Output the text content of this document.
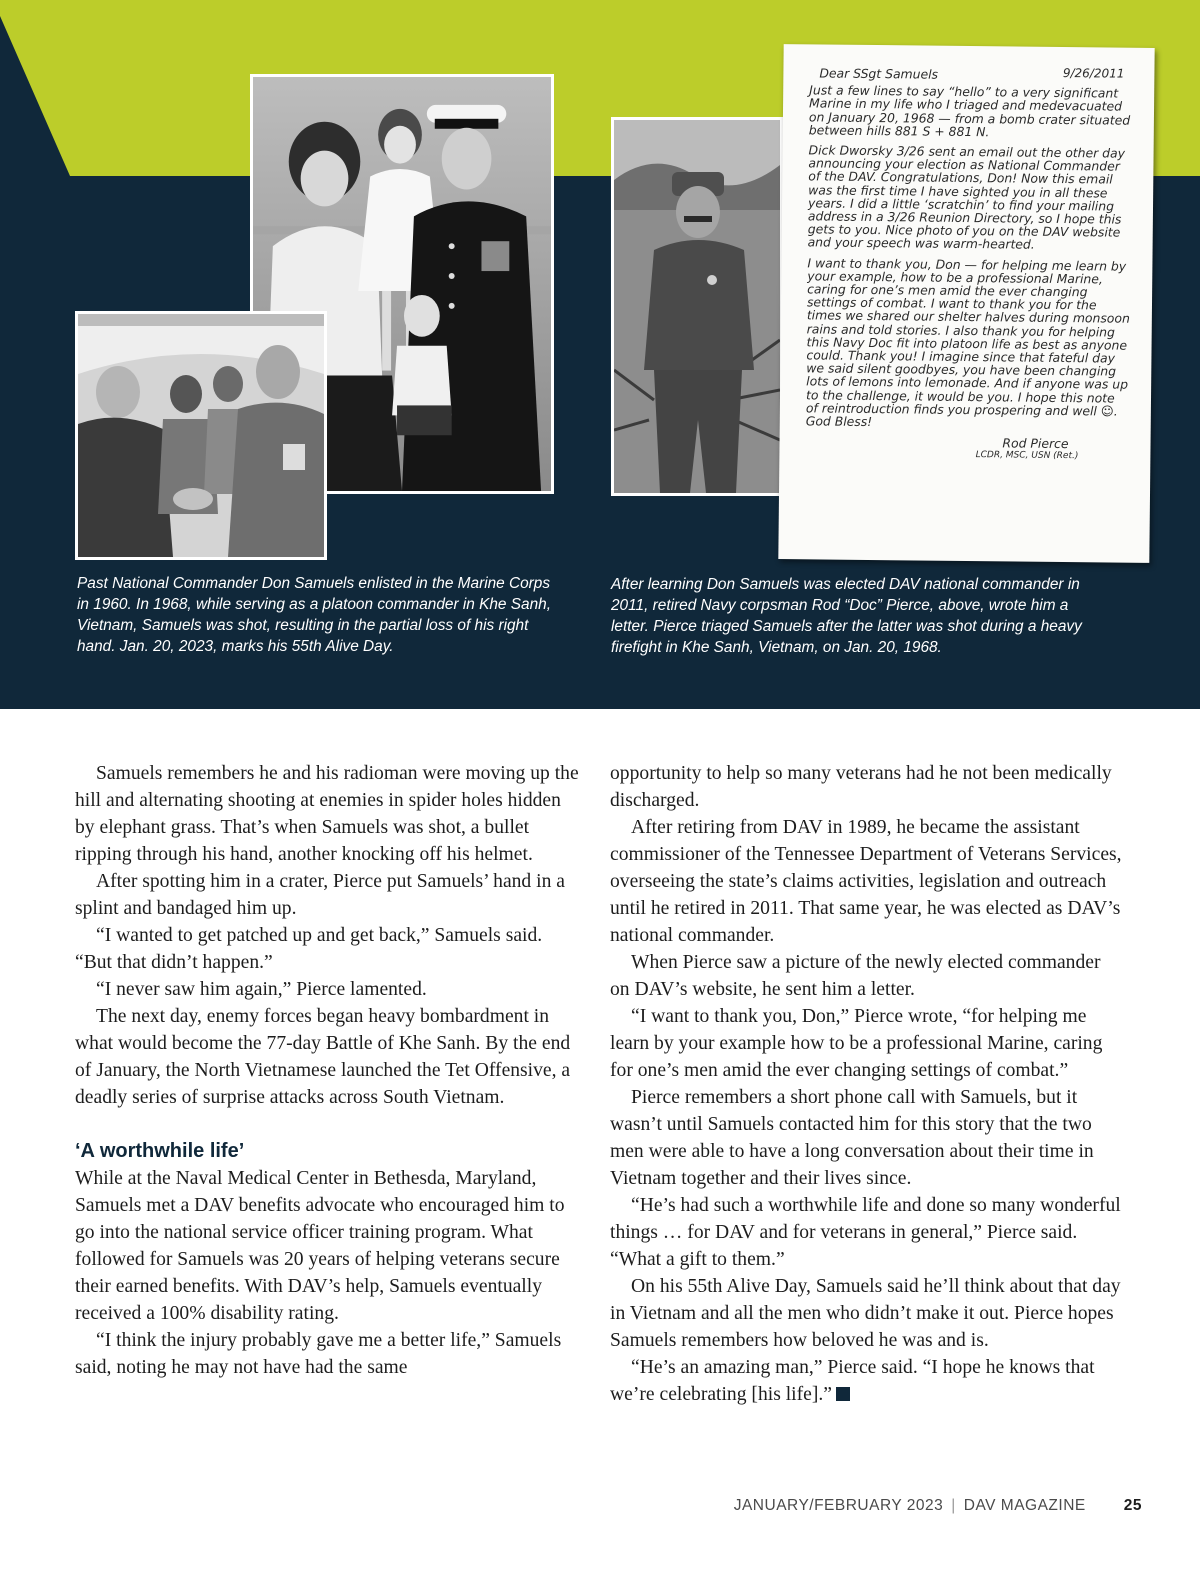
9/26/2011
Dear SSgt Samuels
Just a few lines to say “hello” to a very significant Marine in my life who I triaged and medevacuated on January 20, 1968 — from a bomb crater situated between hills 881 S + 881 N.
Dick Dworsky 3/26 sent an email out the other day announcing your election as National Commander of the DAV. Congratulations, Don! Now this email was the first time I have sighted you in all these years. I did a little ‘scratchin’ to find your mailing address in a 3/26 Reunion Directory, so I hope this gets to you. Nice photo of you on the DAV website and your speech was warm-hearted.
I want to thank you, Don — for helping me learn by your example, how to be a professional Marine, caring for one’s men amid the ever changing settings of combat. I want to thank you for the times we shared our shelter halves during monsoon rains and told stories. I also thank you for helping this Navy Doc fit into platoon life as best as anyone could. Thank you! I imagine since that fateful day we said silent goodbyes, you have been changing lots of lemons into lemonade. And if anyone was up to the challenge, it would be you. I hope this note of reintroduction finds you prospering and well ☺. God Bless!
Rod Pierce
LCDR, MSC, USN (Ret.)
Past National Commander Don Samuels enlisted in the Marine Corps in 1960. In 1968, while serving as a platoon commander in Khe Sanh, Vietnam, Samuels was shot, resulting in the partial loss of his right hand. Jan. 20, 2023, marks his 55th Alive Day.
After learning Don Samuels was elected DAV national commander in 2011, retired Navy corpsman Rod “Doc” Pierce, above, wrote him a letter. Pierce triaged Samuels after the latter was shot during a heavy firefight in Khe Sanh, Vietnam, on Jan. 20, 1968.

Samuels remembers he and his radioman were moving up the hill and alternating shooting at enemies in spider holes hidden by elephant grass. That’s when Samuels was shot, a bullet ripping through his hand, another knocking off his helmet.

After spotting him in a crater, Pierce put Samuels’ hand in a splint and bandaged him up.

“I wanted to get patched up and get back,” Samuels said. “But that didn’t happen.”

“I never saw him again,” Pierce lamented.

The next day, enemy forces began heavy bombardment in what would become the 77-day Battle of Khe Sanh. By the end of January, the North Vietnamese launched the Tet Offensive, a deadly series of surprise attacks across South Vietnam.

‘A worthwhile life’

While at the Naval Medical Center in Bethesda, Maryland, Samuels met a DAV benefits advocate who encouraged him to go into the national service officer training program. What followed for Samuels was 20 years of helping veterans secure their earned benefits. With DAV’s help, Samuels eventually received a 100% disability rating.

“I think the injury probably gave me a better life,” Samuels said, noting he may not have had the same

opportunity to help so many veterans had he not been medically discharged.

After retiring from DAV in 1989, he became the assistant commissioner of the Tennessee Department of Veterans Services, overseeing the state’s claims activities, legislation and outreach until he retired in 2011. That same year, he was elected as DAV’s national commander.

When Pierce saw a picture of the newly elected commander on DAV’s website, he sent him a letter.

“I want to thank you, Don,” Pierce wrote, “for helping me learn by your example how to be a professional Marine, caring for one’s men amid the ever changing settings of combat.”

Pierce remembers a short phone call with Samuels, but it wasn’t until Samuels contacted him for this story that the two men were able to have a long conversation about their time in Vietnam together and their lives since.

“He’s had such a worthwhile life and done so many wonderful things … for DAV and for veterans in general,” Pierce said. “What a gift to them.”

On his 55th Alive Day, Samuels said he’ll think about that day in Vietnam and all the men who didn’t make it out. Pierce hopes Samuels remembers how beloved he was and is.

“He’s an amazing man,” Pierce said. “I hope he knows that we’re celebrating [his life].”

JANUARY/FEBRUARY 2023 | DAV MAGAZINE 25
